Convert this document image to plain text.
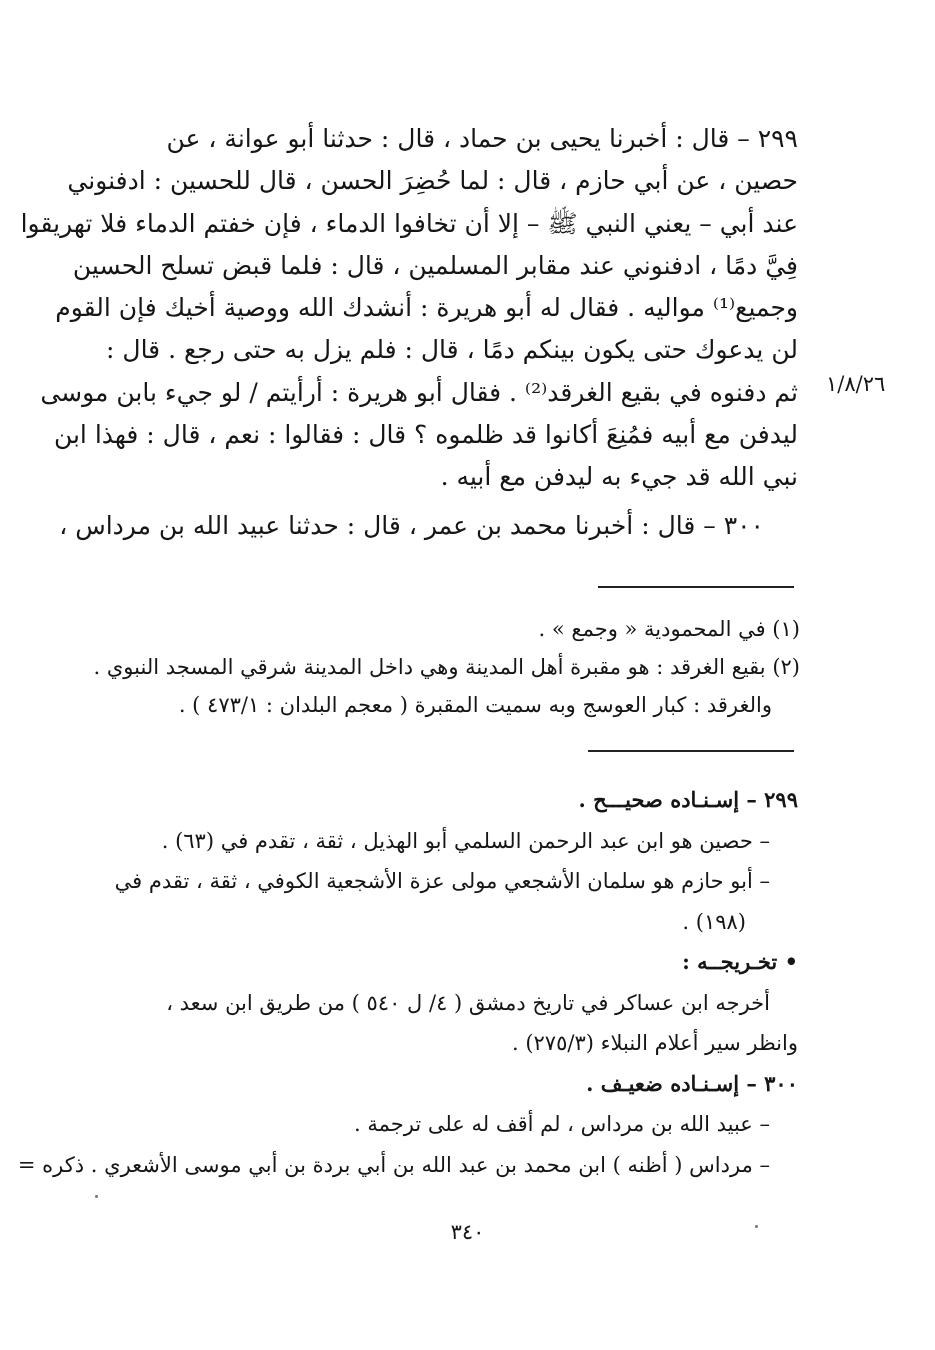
٢٩٩ – قال : أخبرنا يحيى بن حماد ، قال : حدثنا أبو عوانة ، عن
حصين ، عن أبي حازم ، قال : لما حُضِرَ الحسن ، قال للحسين : ادفنوني
عند أبي – يعني النبي ﷺ – إلا أن تخافوا الدماء ، فإن خفتم الدماء فلا تهريقوا
فِيَّ دمًا ، ادفنوني عند مقابر المسلمين ، قال : فلما قبض تسلح الحسين
وجميع⁽¹⁾ مواليه . فقال له أبو هريرة : أنشدك الله ووصية أخيك فإن القوم
لن يدعوك حتى يكون بينكم دمًا ، قال : فلم يزل به حتى رجع . قال :
ثم دفنوه في بقيع الغرقد⁽²⁾ . فقال أبو هريرة : أرأيتم / لو جيء بابن موسى
ليدفن مع أبيه فمُنِعَ أكانوا قد ظلموه ؟ قال : فقالوا : نعم ، قال : فهذا ابن
نبي الله قد جيء به ليدفن مع أبيه .
٣٠٠ – قال : أخبرنا محمد بن عمر ، قال : حدثنا عبيد الله بن مرداس ،
١/٨/٢٦
(١) في المحمودية « وجمع » .
(٢) بقيع الغرقد : هو مقبرة أهل المدينة وهي داخل المدينة شرقي المسجد النبوي .
والغرقد : كبار العوسج وبه سميت المقبرة ( معجم البلدان : ٤٧٣/١ ) .
٢٩٩ – إسـنـاده صحيـــح .
– حصين هو ابن عبد الرحمن السلمي أبو الهذيل ، ثقة ، تقدم في (٦٣) .
– أبو حازم هو سلمان الأشجعي مولى عزة الأشجعية الكوفي ، ثقة ، تقدم في
(١٩٨) .
• تخـريجــه :
أخرجه ابن عساكر في تاريخ دمشق ( ٤/ ل ٥٤٠ ) من طريق ابن سعد ،
وانظر سير أعلام النبلاء (٢٧٥/٣) .
٣٠٠ – إسـنـاده ضعيـف .
– عبيد الله بن مرداس ، لم أقف له على ترجمة .
– مرداس ( أظنه ) ابن محمد بن عبد الله بن أبي بردة بن أبي موسى الأشعري . ذكره =
٣٤٠
